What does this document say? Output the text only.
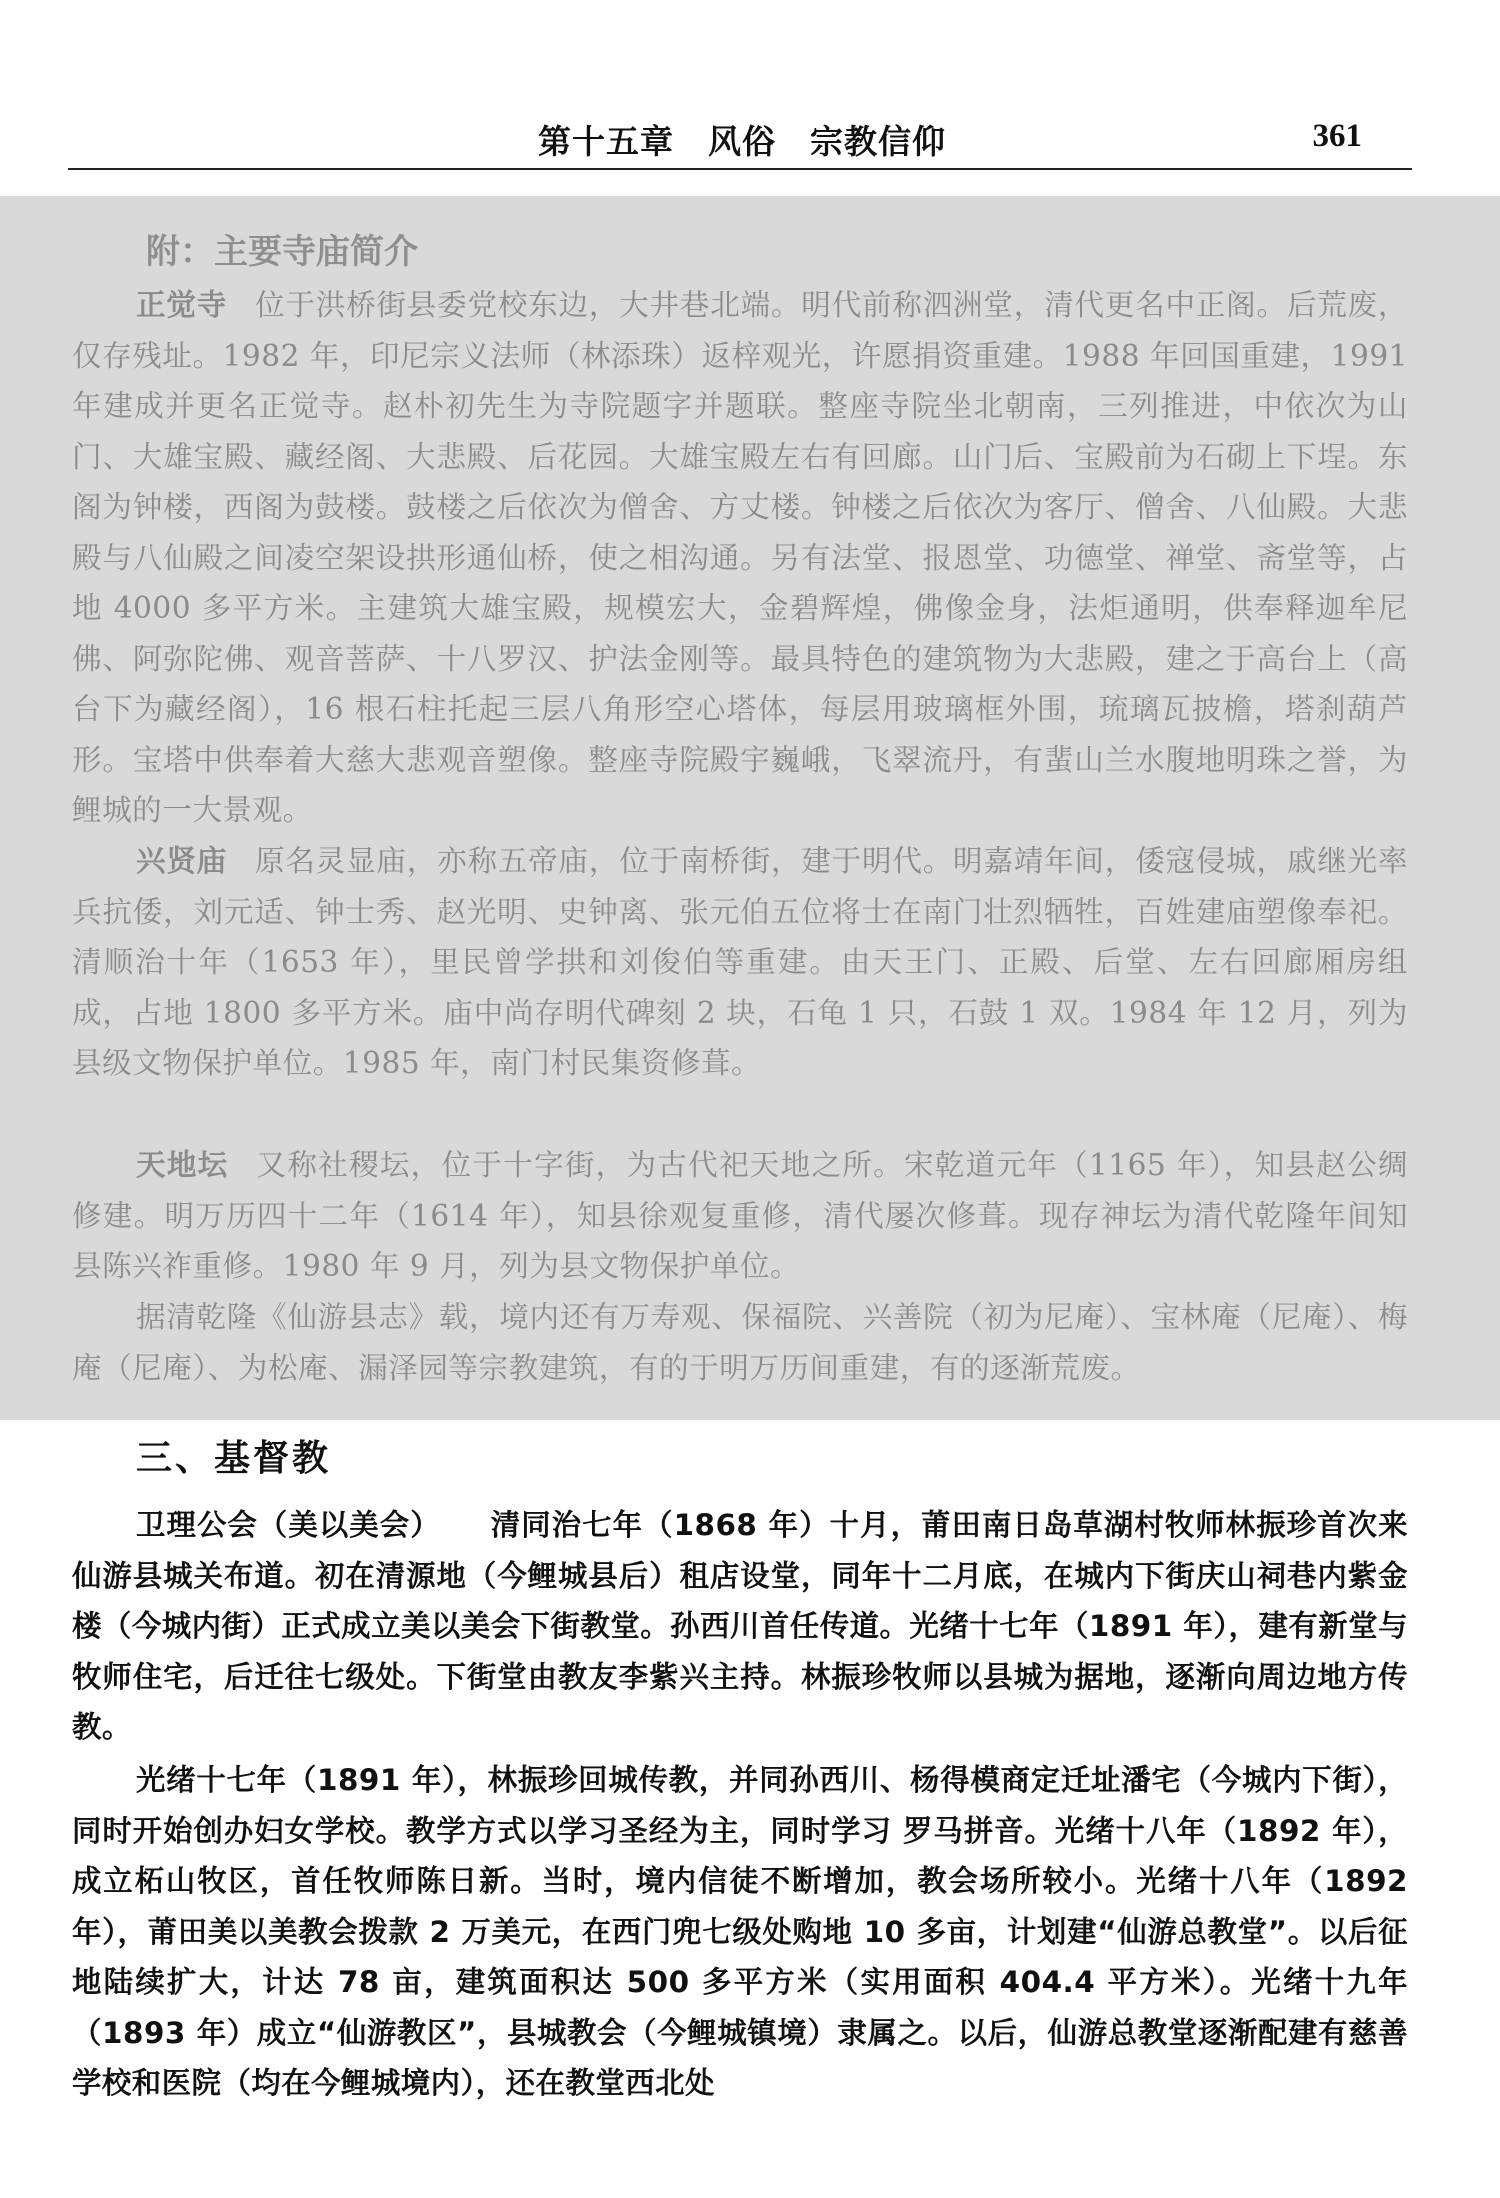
第十五章　风俗　宗教信仰	361
附：主要寺庙简介

正觉寺 位于洪桥街县委党校东边，大井巷北端。明代前称泗洲堂，清代更名中正阁。后荒废，仅存残址。1982 年，印尼宗义法师（林添珠）返梓观光，许愿捐资重建。1988 年回国重建，1991 年建成并更名正觉寺。赵朴初先生为寺院题字并题联。整座寺院坐北朝南，三列推进，中依次为山门、大雄宝殿、藏经阁、大悲殿、后花园。大雄宝殿左右有回廊。山门后、宝殿前为石砌上下埕。东阁为钟楼，西阁为鼓楼。鼓楼之后依次为僧舍、方丈楼。钟楼之后依次为客厅、僧舍、八仙殿。大悲殿与八仙殿之间凌空架设拱形通仙桥，使之相沟通。另有法堂、报恩堂、功德堂、禅堂、斋堂等，占地 4000 多平方米。主建筑大雄宝殿，规模宏大，金碧辉煌，佛像金身，法炬通明，供奉释迦牟尼佛、阿弥陀佛、观音菩萨、十八罗汉、护法金刚等。最具特色的建筑物为大悲殿，建之于高台上（高台下为藏经阁），16 根石柱托起三层八角形空心塔体，每层用玻璃框外围，琉璃瓦披檐，塔刹葫芦形。宝塔中供奉着大慈大悲观音塑像。整座寺院殿宇巍峨，飞翠流丹，有蜚山兰水腹地明珠之誉，为鲤城的一大景观。

兴贤庙 原名灵显庙，亦称五帝庙，位于南桥街，建于明代。明嘉靖年间，倭寇侵城，戚继光率兵抗倭，刘元适、钟士秀、赵光明、史钟离、张元伯五位将士在南门壮烈牺牲，百姓建庙塑像奉祀。清顺治十年（1653 年），里民曾学拱和刘俊伯等重建。由天王门、正殿、后堂、左右回廊厢房组成，占地 1800 多平方米。庙中尚存明代碑刻 2 块，石龟 1 只，石鼓 1 双。1984 年 12 月，列为县级文物保护单位。1985 年，南门村民集资修葺。

天地坛 又称社稷坛，位于十字街，为古代祀天地之所。宋乾道元年（1165 年），知县赵公绸修建。明万历四十二年（1614 年），知县徐观复重修，清代屡次修葺。现存神坛为清代乾隆年间知县陈兴祚重修。1980 年 9 月，列为县文物保护单位。

据清乾隆《仙游县志》载，境内还有万寿观、保福院、兴善院（初为尼庵）、宝林庵（尼庵）、梅庵（尼庵）、为松庵、漏泽园等宗教建筑，有的于明万历间重建，有的逐渐荒废。

三、基督教

卫理公会（美以美会） 清同治七年（1868 年）十月，莆田南日岛草湖村牧师林振珍首次来仙游县城关布道。初在清源地（今鲤城县后）租店设堂，同年十二月底，在城内下街庆山祠巷内紫金楼（今城内街）正式成立美以美会下街教堂。孙西川首任传道。光绪十七年（1891 年），建有新堂与牧师住宅，后迁往七级处。下街堂由教友李紫兴主持。林振珍牧师以县城为据地，逐渐向周边地方传教。

光绪十七年（1891 年），林振珍回城传教，并同孙西川、杨得模商定迁址潘宅（今城内下街），同时开始创办妇女学校。教学方式以学习圣经为主，同时学习 罗马拼音。光绪十八年（1892 年），成立柘山牧区，首任牧师陈日新。当时，境内信徒不断增加，教会场所较小。光绪十八年（1892 年），莆田美以美教会拨款 2 万美元，在西门兜七级处购地 10 多亩，计划建“仙游总教堂”。以后征地陆续扩大，计达 78 亩，建筑面积达 500 多平方米（实用面积 404.4 平方米）。光绪十九年（1893 年）成立“仙游教区”，县城教会（今鲤城镇境）隶属之。以后，仙游总教堂逐渐配建有慈善学校和医院（均在今鲤城境内），还在教堂西北处
